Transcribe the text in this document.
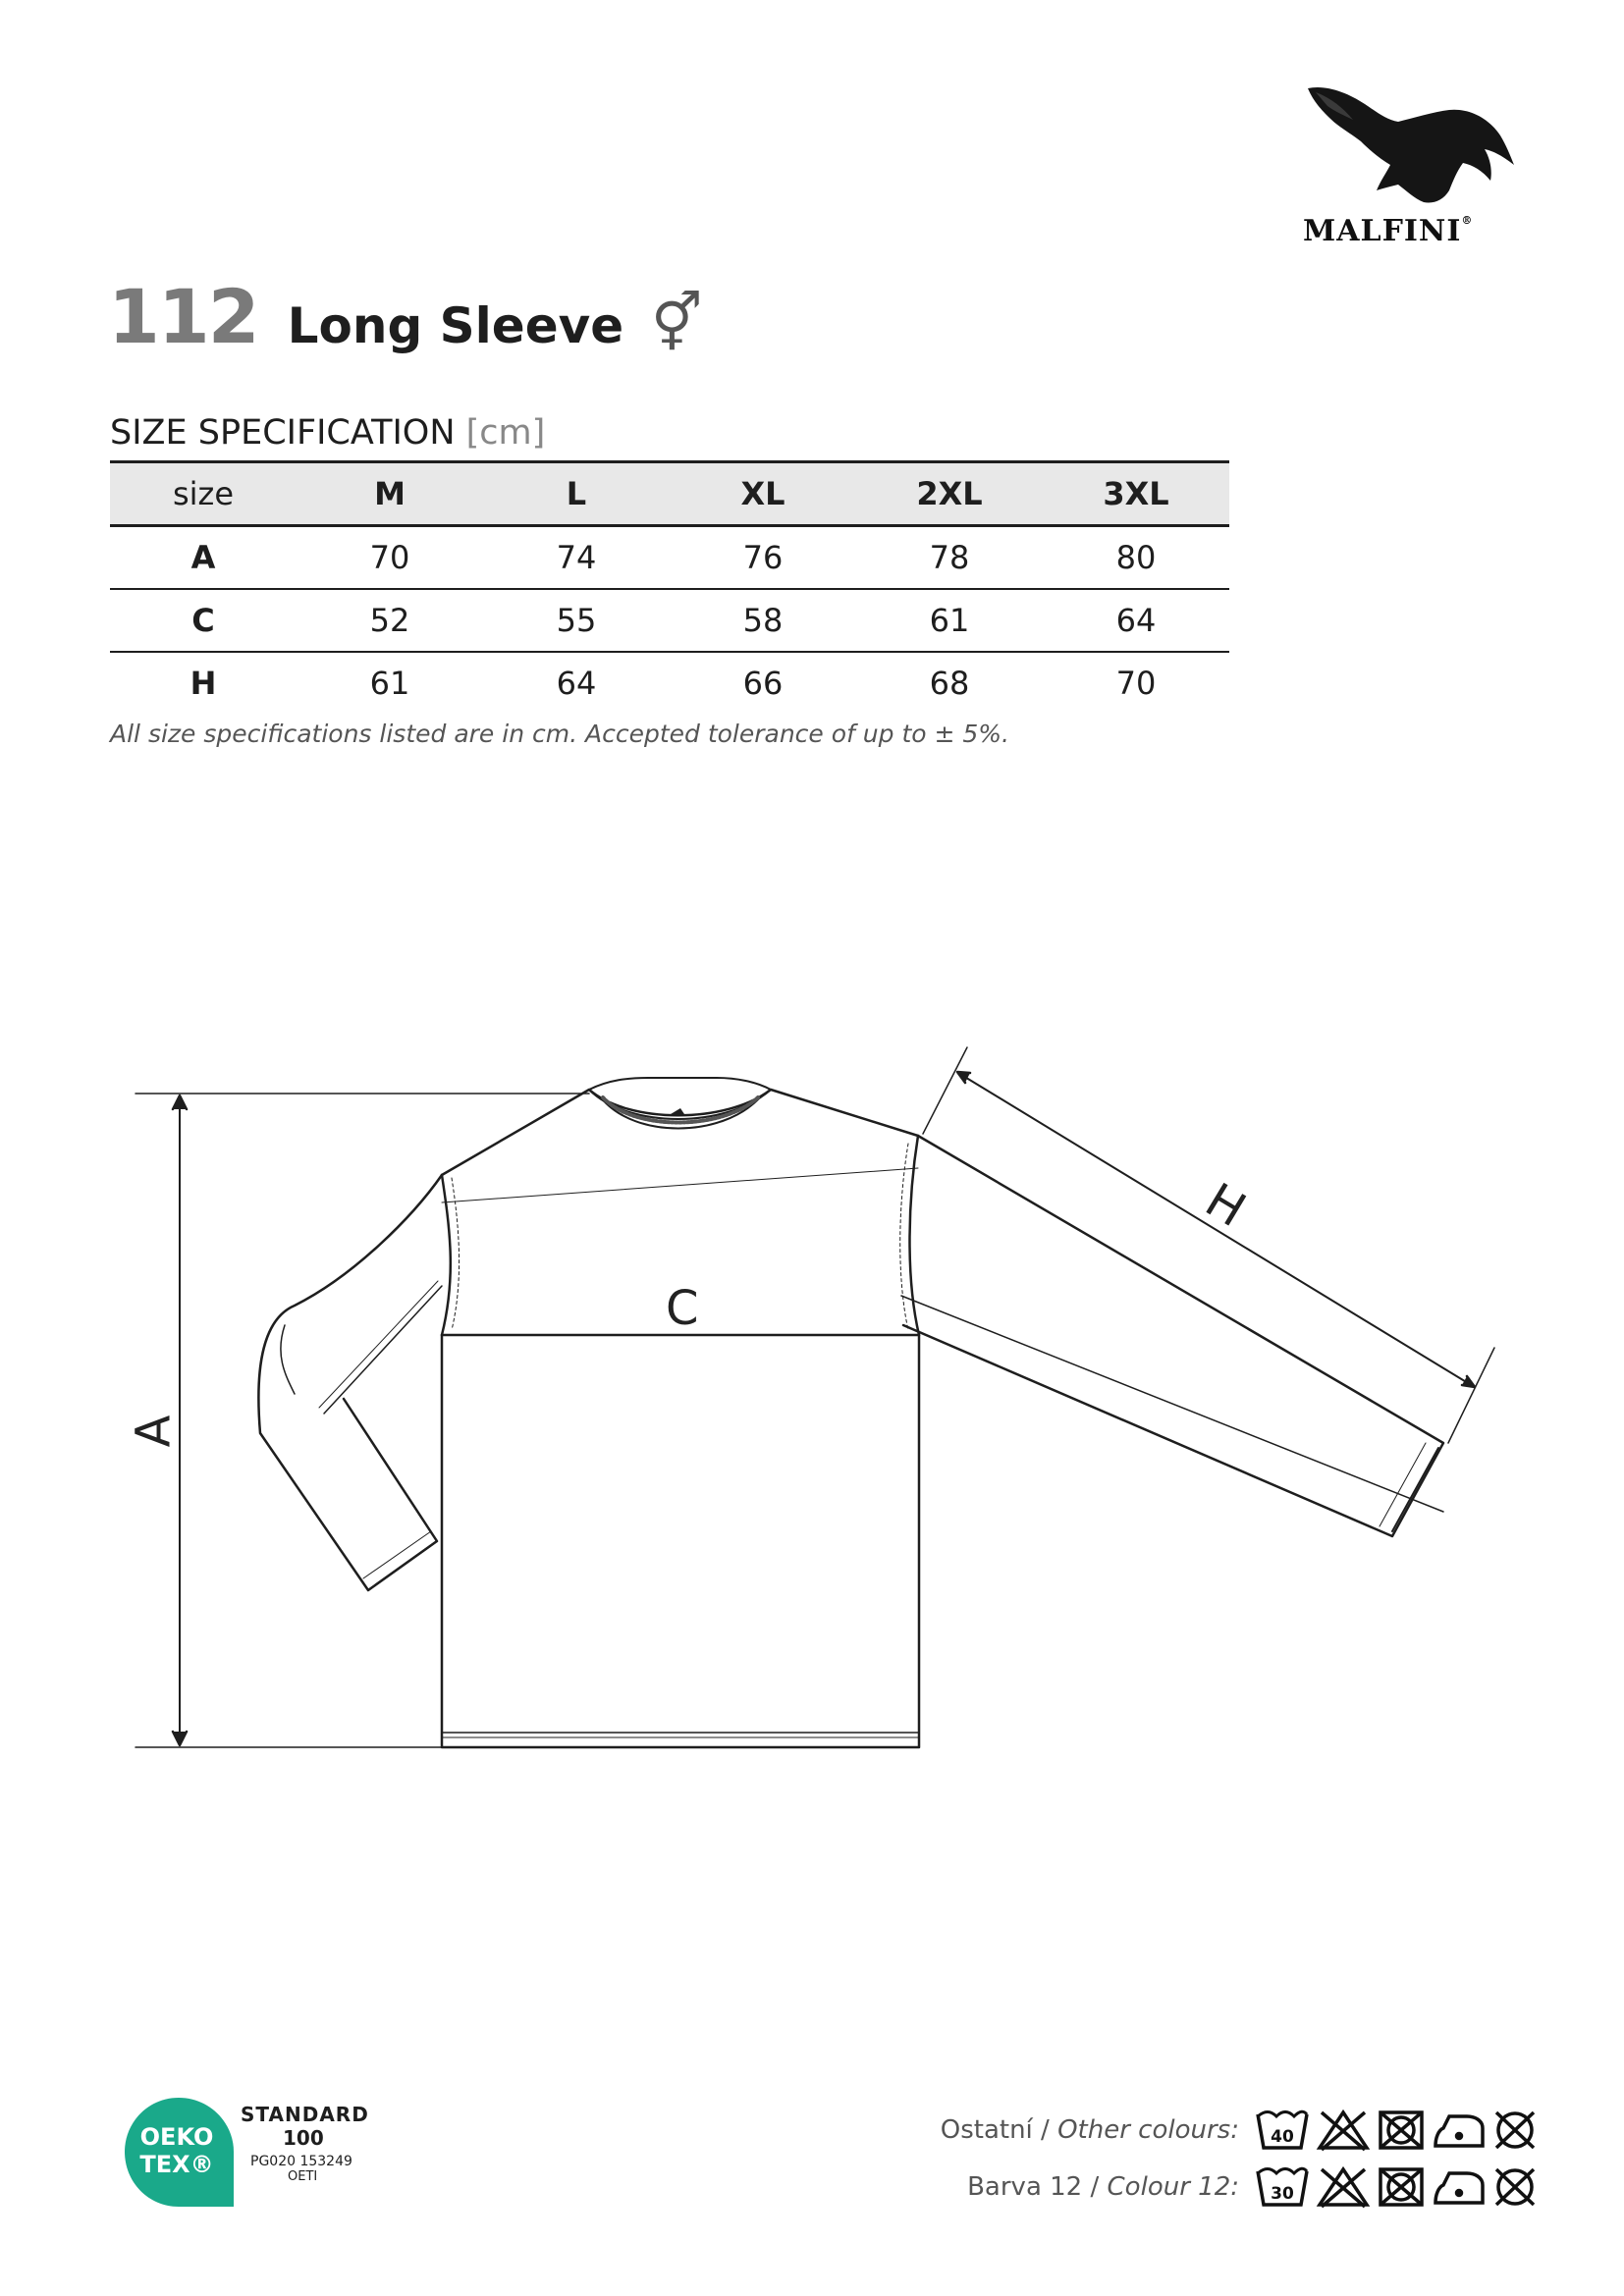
MALFINI®
112 Long Sleeve ⚥
SIZE SPECIFICATION [cm]
size	M	L	XL	2XL	3XL
A	70	74	76	78	80
C	52	55	58	61	64
H	61	64	66	68	70
All size specifications listed are in cm. Accepted tolerance of up to ± 5%.
A
C
H
OEKO
TEX®
STANDARD
100
PG020 153249
OETI
Ostatní / Other colours: 40
Barva 12 / Colour 12: 30
